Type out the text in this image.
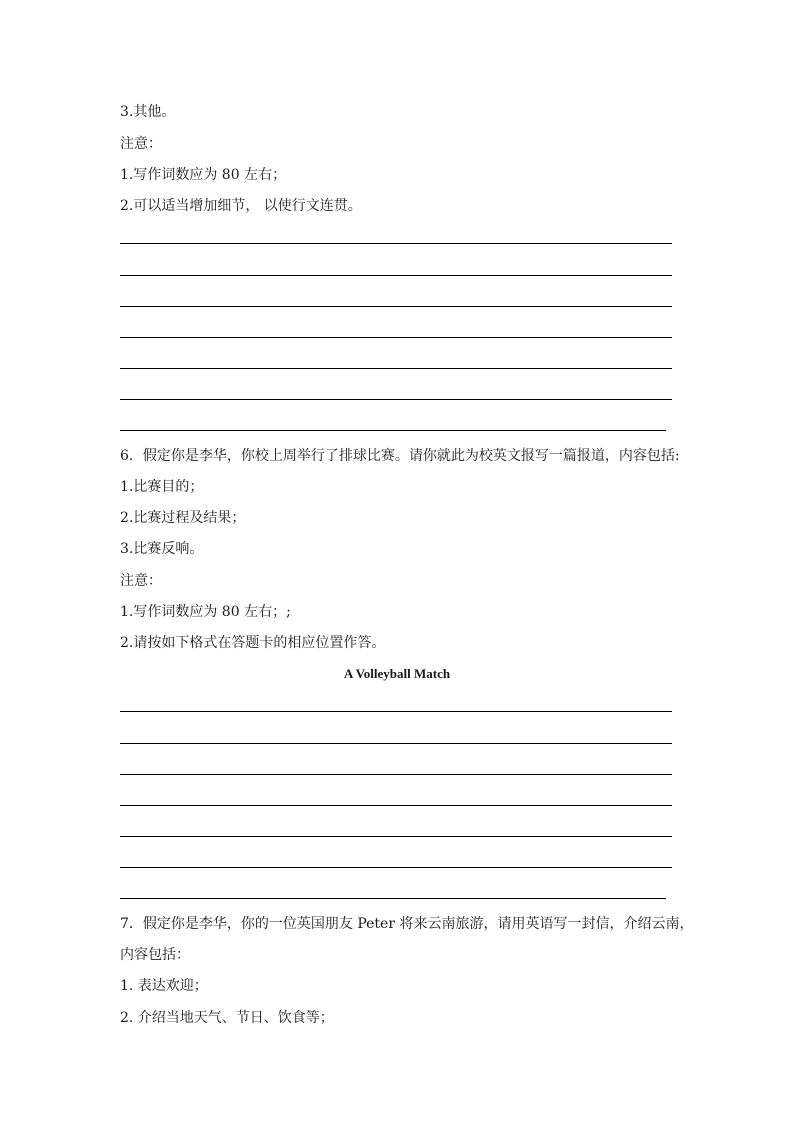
3.其他。
注意：
1.写作词数应为 80 左右；
2.可以适当增加细节， 以使行文连贯。
6．假定你是李华，你校上周举行了排球比赛。请你就此为校英文报写一篇报道，内容包括:
1.比赛目的；
2.比赛过程及结果；
3.比赛反响。
注意：
1.写作词数应为 80 左右；;
2.请按如下格式在答题卡的相应位置作答。
A Volleyball Match
7．假定你是李华，你的一位英国朋友 Peter 将来云南旅游，请用英语写一封信，介绍云南，
内容包括：
1. 表达欢迎；
2. 介绍当地天气、节日、饮食等；
